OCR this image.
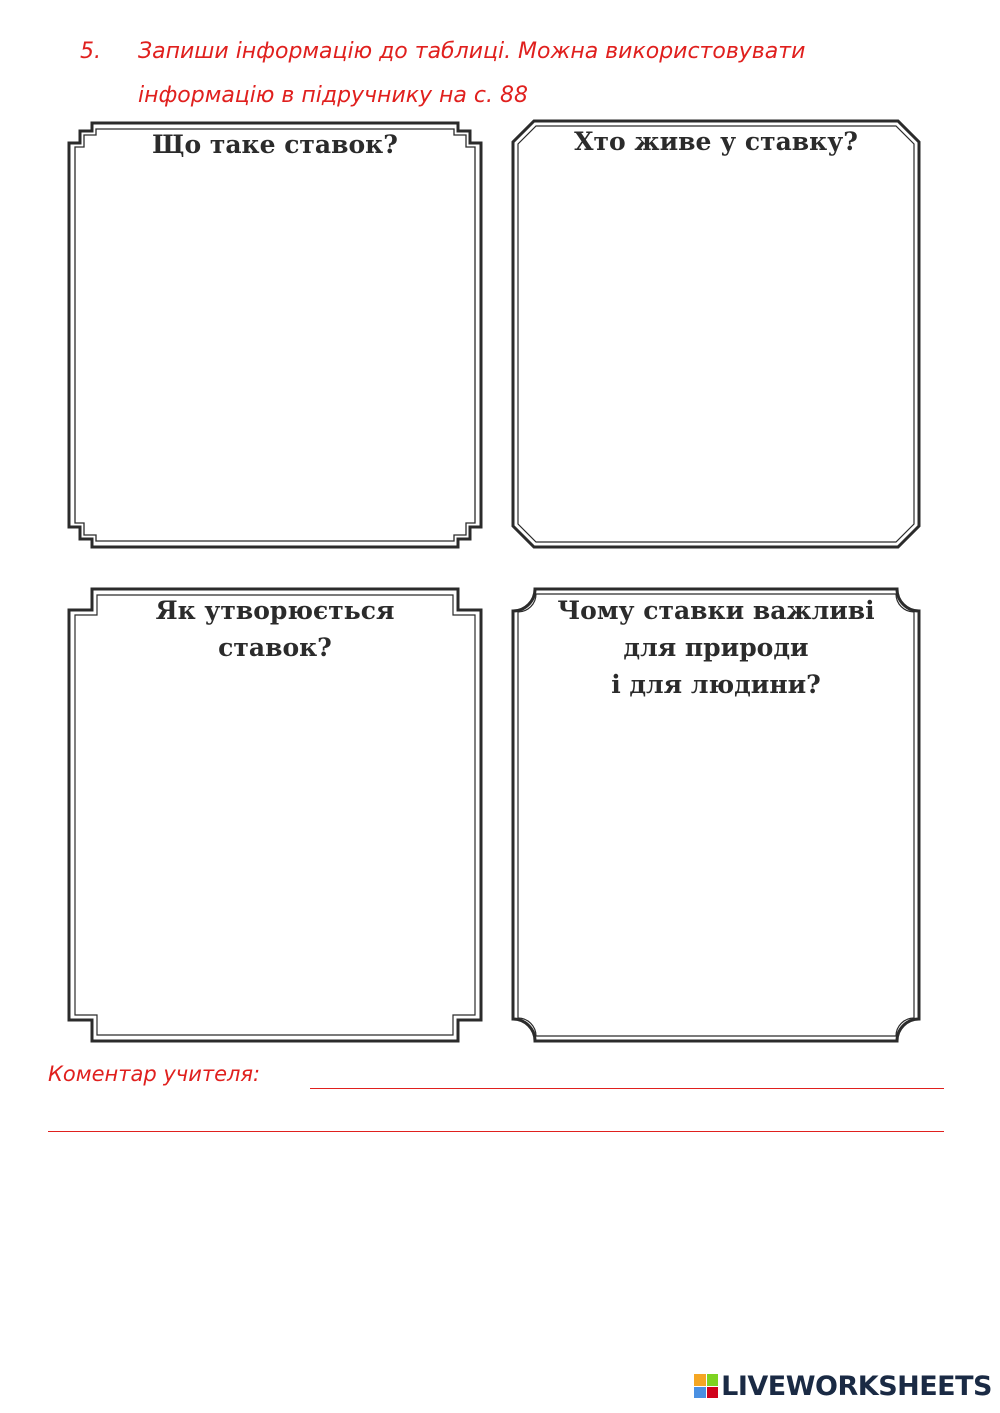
5. Запиши інформацію до таблиці. Можна використовувати
інформацію в підручнику на с. 88
Що таке ставок?	Хто живе у ставку?
Як утворюється
ставок?
Чому ставки важливі
для природи
і для людини?
Коментар учителя:
LIVEWORKSHEETS
